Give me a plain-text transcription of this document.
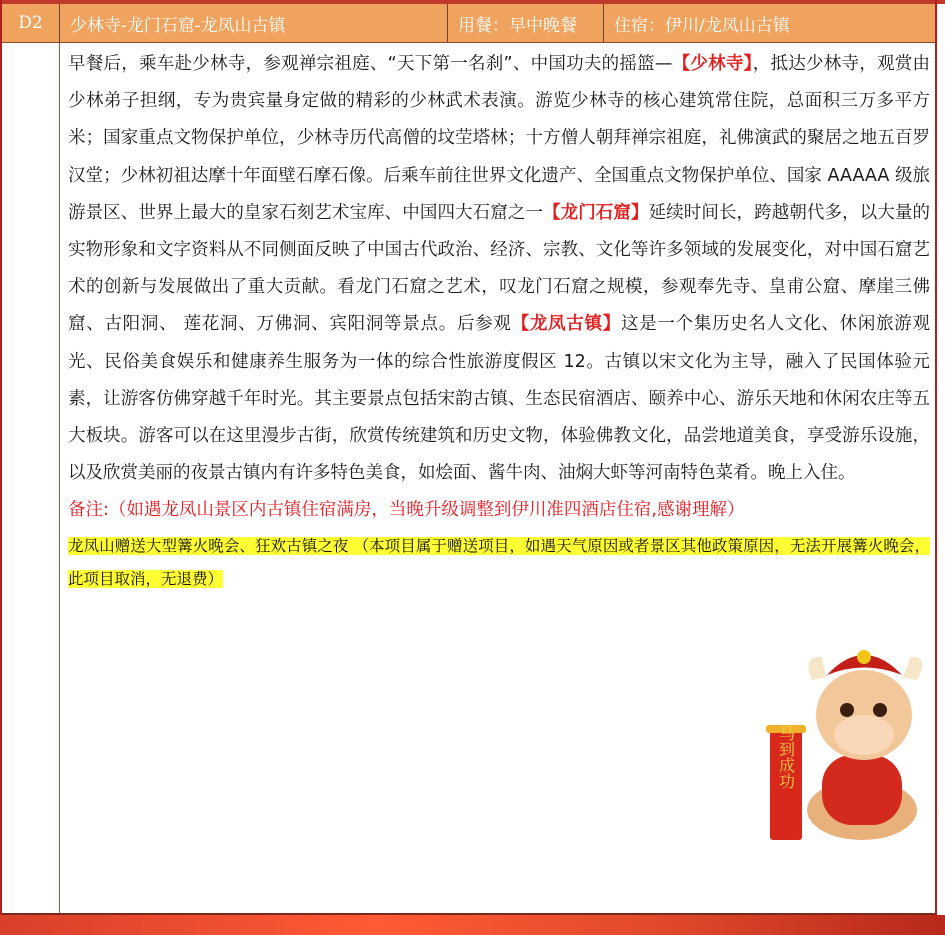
D2	少林寺-龙门石窟-龙凤山古镇	用餐：早中晚餐	住宿：伊川/龙凤山古镇

早餐后，乘车赴少林寺，参观禅宗祖庭、“天下第一名刹”、中国功夫的摇篮—【少林寺】，抵达少林寺，观赏由少林弟子担纲，专为贵宾量身定做的精彩的少林武术表演。游览少林寺的核心建筑常住院，总面积三万多平方米；国家重点文物保护单位，少林寺历代高僧的坟茔塔林；十方僧人朝拜禅宗祖庭，礼佛演武的聚居之地五百罗汉堂；少林初祖达摩十年面壁石摩石像。后乘车前往世界文化遗产、全国重点文物保护单位、国家 AAAAA 级旅游景区、世界上最大的皇家石刻艺术宝库、中国四大石窟之一【龙门石窟】延续时间长，跨越朝代多，以大量的实物形象和文字资料从不同侧面反映了中国古代政治、经济、宗教、文化等许多领域的发展变化，对中国石窟艺术的创新与发展做出了重大贡献。看龙门石窟之艺术，叹龙门石窟之规模，参观奉先寺、皇甫公窟、摩崖三佛窟、古阳洞、 莲花洞、万佛洞、宾阳洞等景点。后参观【龙凤古镇】这是一个集历史名人文化、休闲旅游观光、民俗美食娱乐和健康养生服务为一体的综合性旅游度假区 12。古镇以宋文化为主导，融入了民国体验元素，让游客仿佛穿越千年时光。其主要景点包括宋韵古镇、生态民宿酒店、颐养中心、游乐天地和休闲农庄等五大板块。游客可以在这里漫步古街，欣赏传统建筑和历史文物，体验佛教文化，品尝地道美食，享受游乐设施，以及欣赏美丽的夜景古镇内有许多特色美食，如烩面、酱牛肉、油焖大虾等河南特色菜肴。晚上入住。

备注:（如遇龙凤山景区内古镇住宿满房，当晚升级调整到伊川准四酒店住宿,感谢理解）

龙凤山赠送大型篝火晚会、狂欢古镇之夜 （本项目属于赠送项目，如遇天气原因或者景区其他政策原因，无法开展篝火晚会，此项目取消，无退费）

马到成功
